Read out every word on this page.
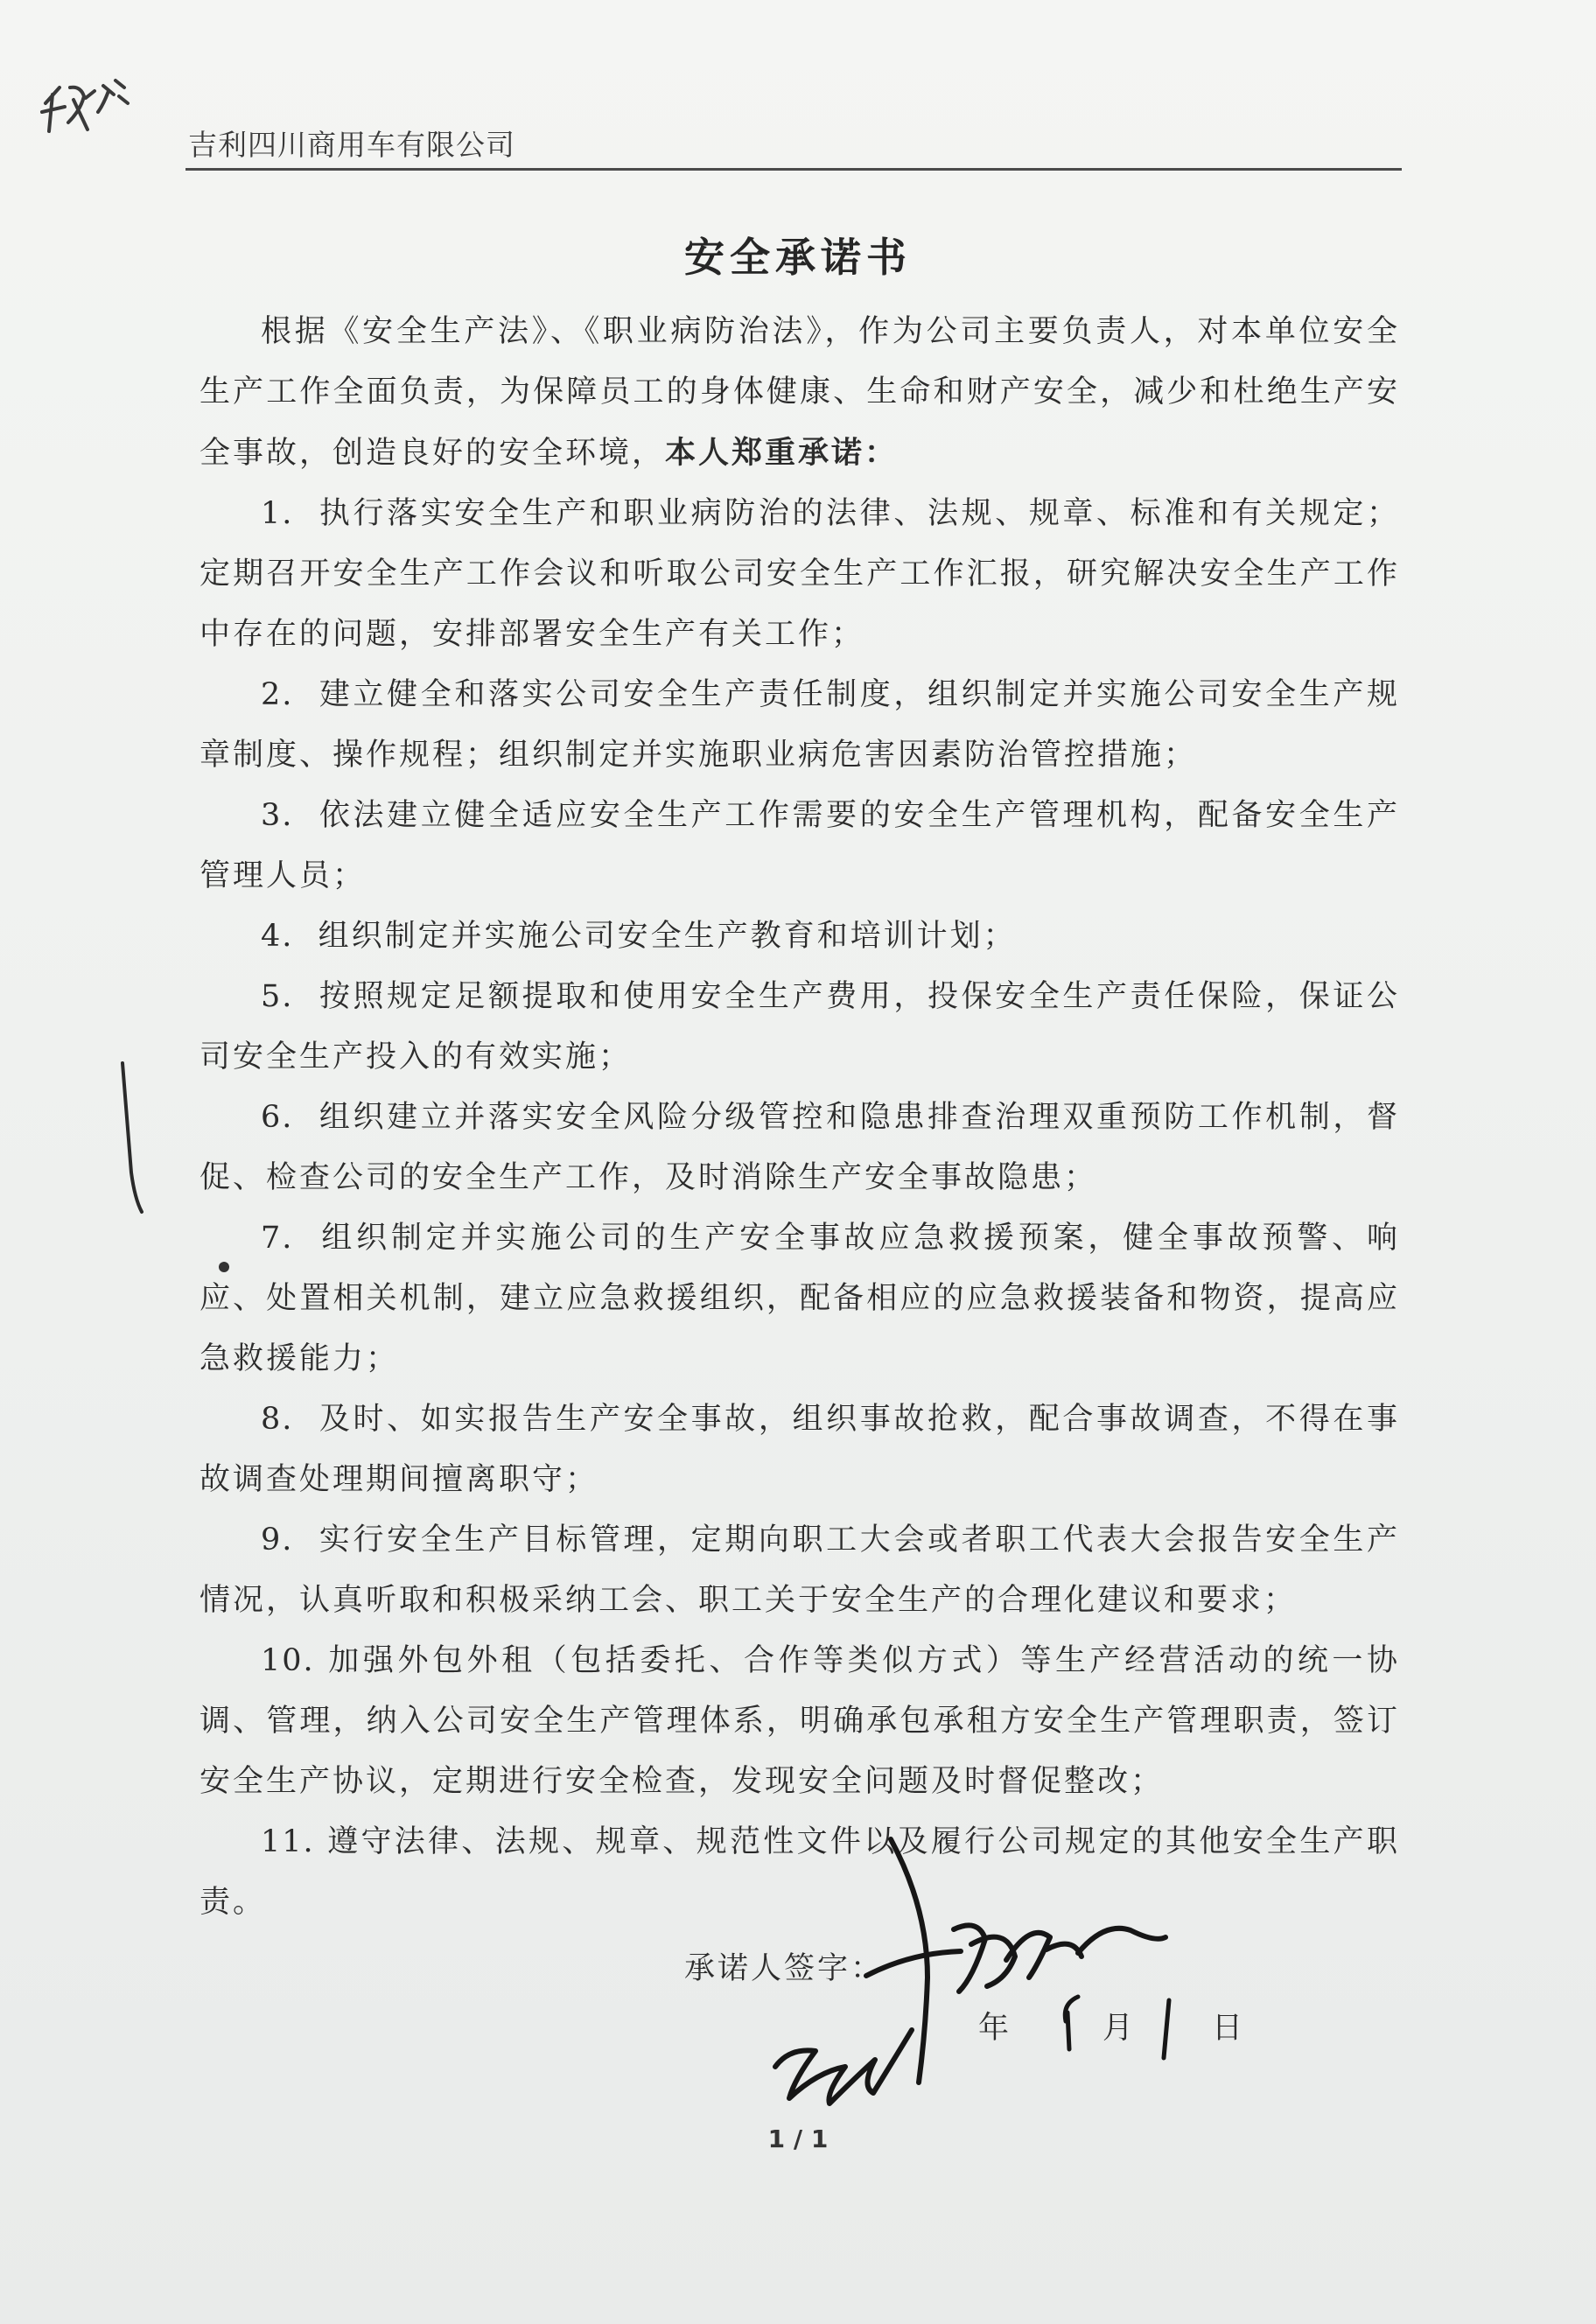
吉利四川商用车有限公司
安全承诺书

根据《安全生产法》、《职业病防治法》，作为公司主要负责人，对本单位安全生产工作全面负责，为保障员工的身体健康、生命和财产安全，减少和杜绝生产安全事故，创造良好的安全环境，本人郑重承诺：

1. 执行落实安全生产和职业病防治的法律、法规、规章、标准和有关规定；定期召开安全生产工作会议和听取公司安全生产工作汇报，研究解决安全生产工作中存在的问题，安排部署安全生产有关工作；

2. 建立健全和落实公司安全生产责任制度，组织制定并实施公司安全生产规章制度、操作规程；组织制定并实施职业病危害因素防治管控措施；

3. 依法建立健全适应安全生产工作需要的安全生产管理机构，配备安全生产管理人员；

4. 组织制定并实施公司安全生产教育和培训计划；

5. 按照规定足额提取和使用安全生产费用，投保安全生产责任保险，保证公司安全生产投入的有效实施；

6. 组织建立并落实安全风险分级管控和隐患排查治理双重预防工作机制，督促、检查公司的安全生产工作，及时消除生产安全事故隐患；

7. 组织制定并实施公司的生产安全事故应急救援预案，健全事故预警、响应、处置相关机制，建立应急救援组织，配备相应的应急救援装备和物资，提高应急救援能力；

8. 及时、如实报告生产安全事故，组织事故抢救，配合事故调查，不得在事故调查处理期间擅离职守；

9. 实行安全生产目标管理，定期向职工大会或者职工代表大会报告安全生产情况，认真听取和积极采纳工会、职工关于安全生产的合理化建议和要求；

10. 加强外包外租（包括委托、合作等类似方式）等生产经营活动的统一协调、管理，纳入公司安全生产管理体系，明确承包承租方安全生产管理职责，签订安全生产协议，定期进行安全检查，发现安全问题及时督促整改；

11. 遵守法律、法规、规章、规范性文件以及履行公司规定的其他安全生产职责。

承诺人签字：
年	月	日
1 / 1
